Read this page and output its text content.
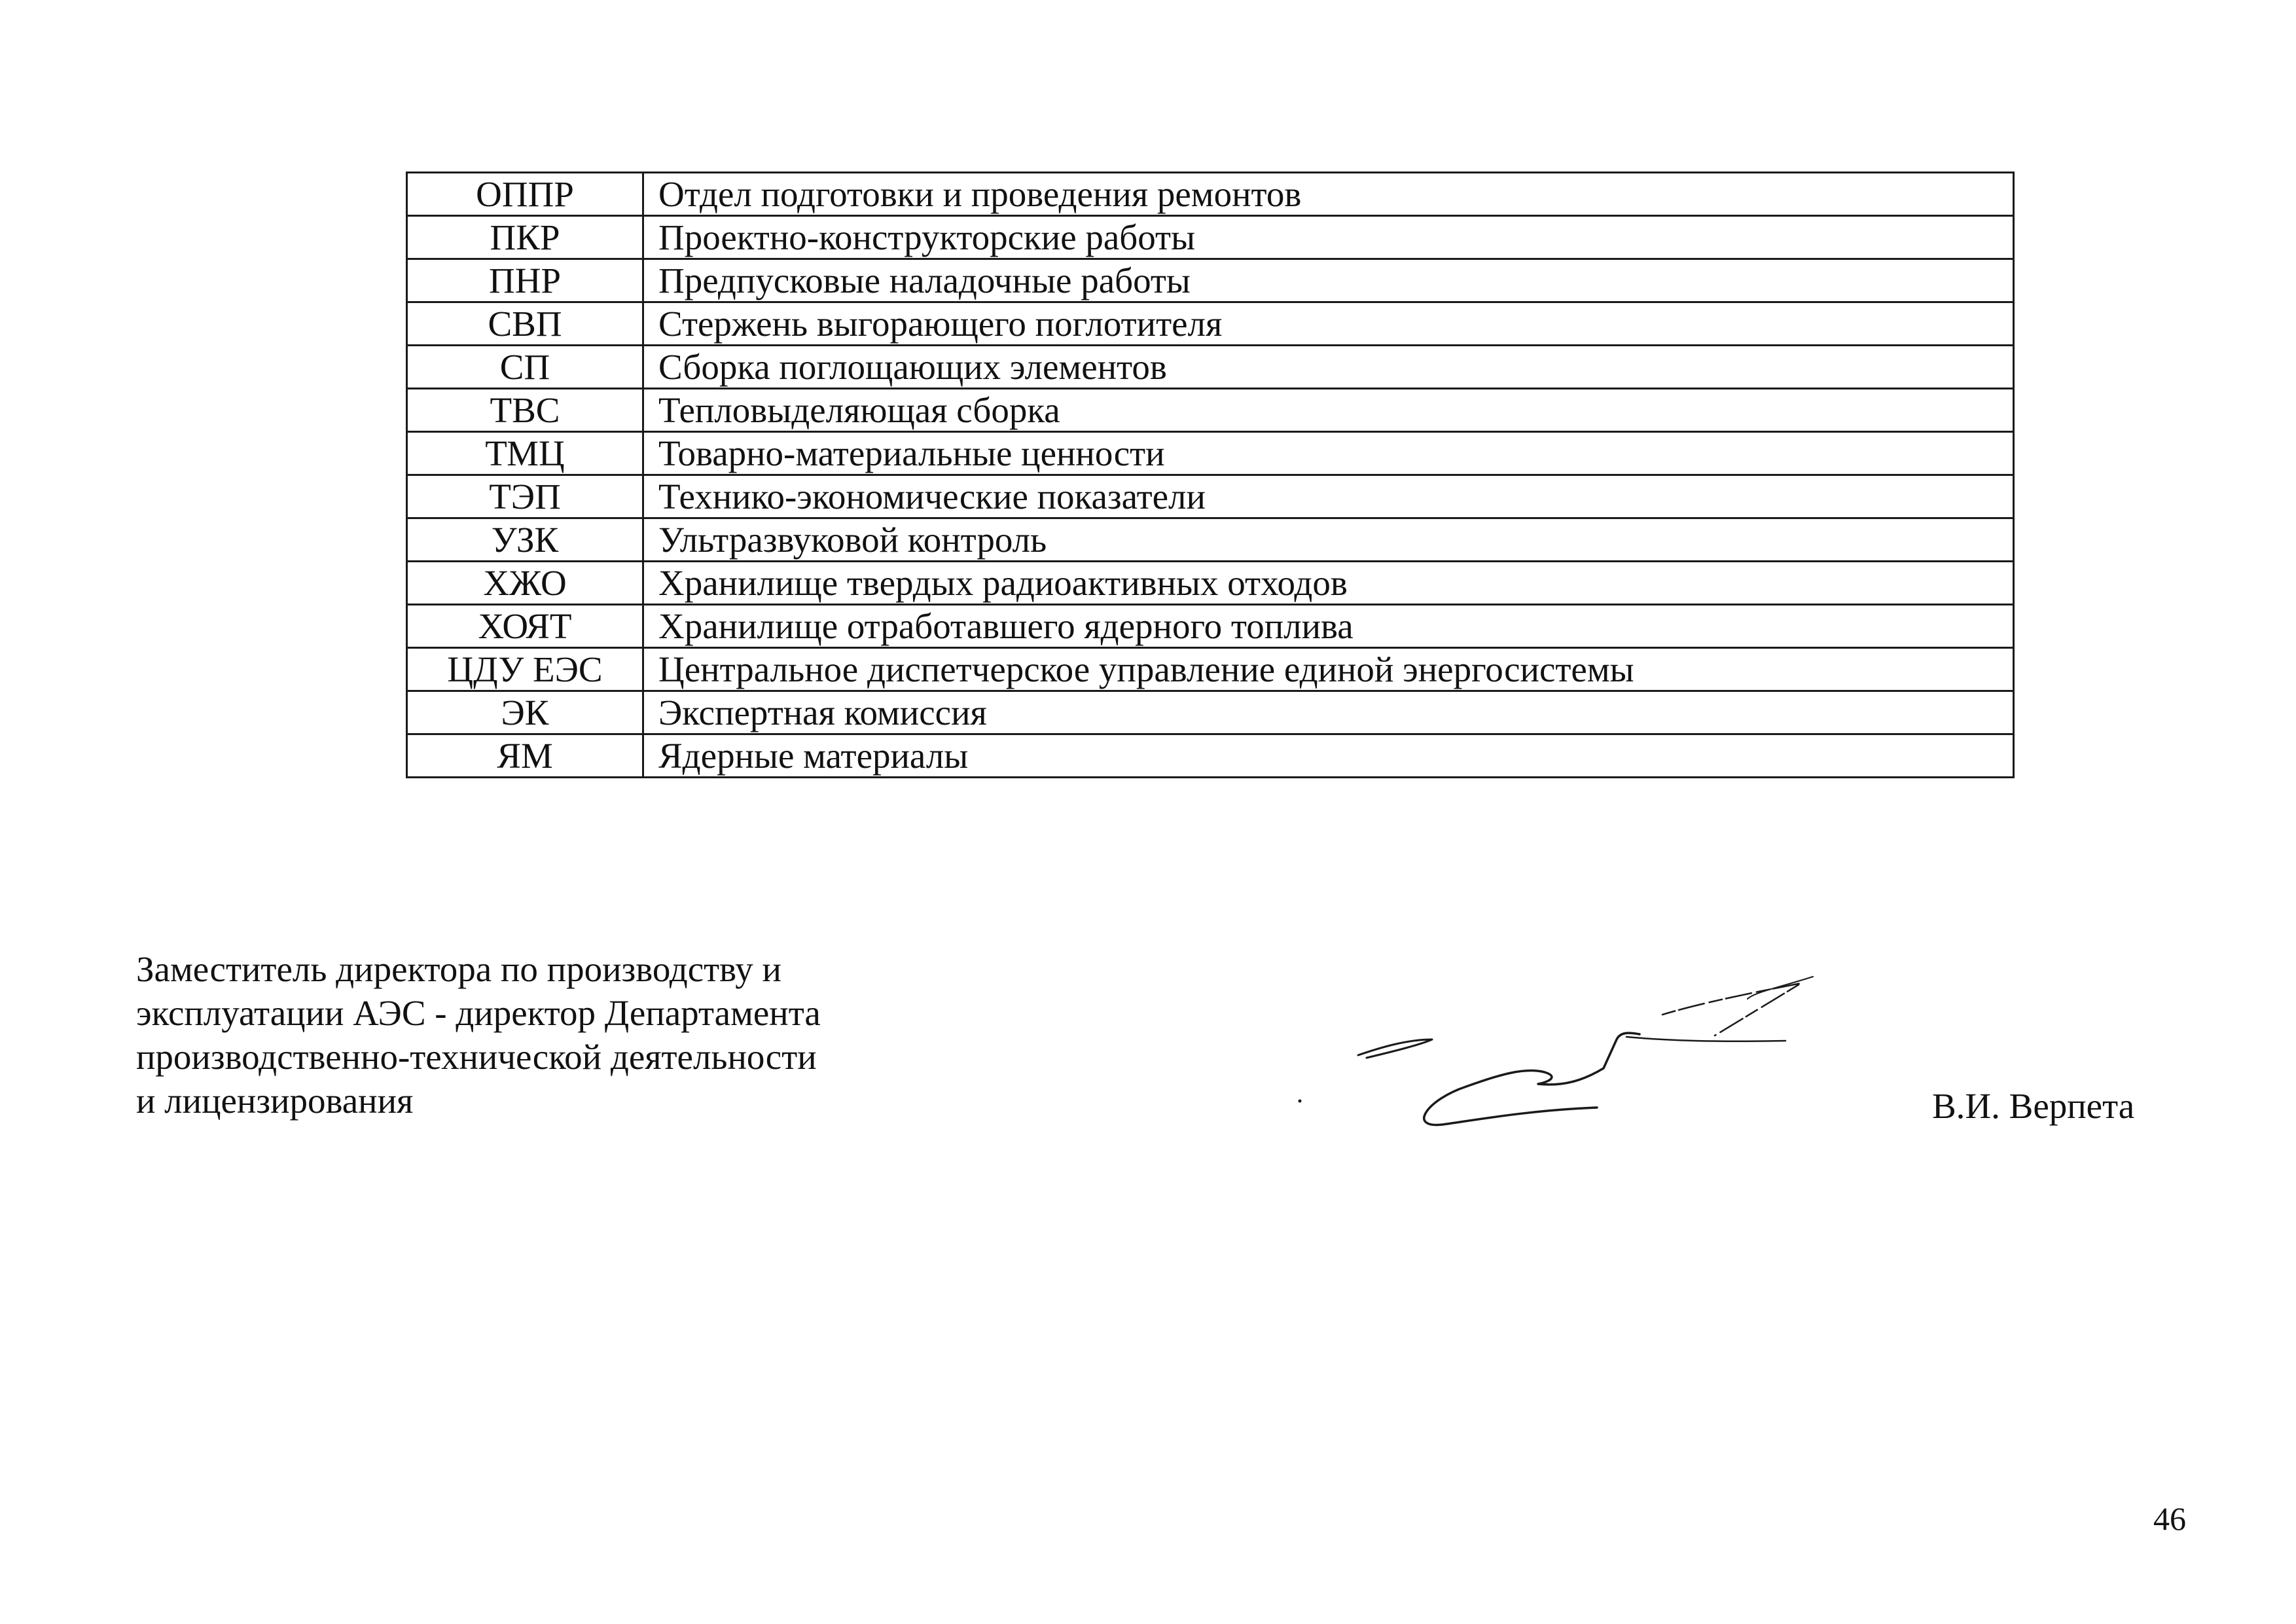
ОППР	Отдел подготовки и проведения ремонтов
ПКР	Проектно-конструкторские работы
ПНР	Предпусковые наладочные работы
СВП	Стержень выгорающего поглотителя
СП	Сборка поглощающих элементов
ТВС	Тепловыделяющая сборка
ТМЦ	Товарно-материальные ценности
ТЭП	Технико-экономические показатели
УЗК	Ультразвуковой контроль
ХЖО	Хранилище твердых радиоактивных отходов
ХОЯТ	Хранилище отработавшего ядерного топлива
ЦДУ ЕЭС	Центральное диспетчерское управление единой энергосистемы
ЭК	Экспертная комиссия
ЯМ	Ядерные материалы
Заместитель директора по производству и
эксплуатации АЭС - директор Департамента
производственно-технической деятельности
и лицензирования	В.И. Верпета
46
